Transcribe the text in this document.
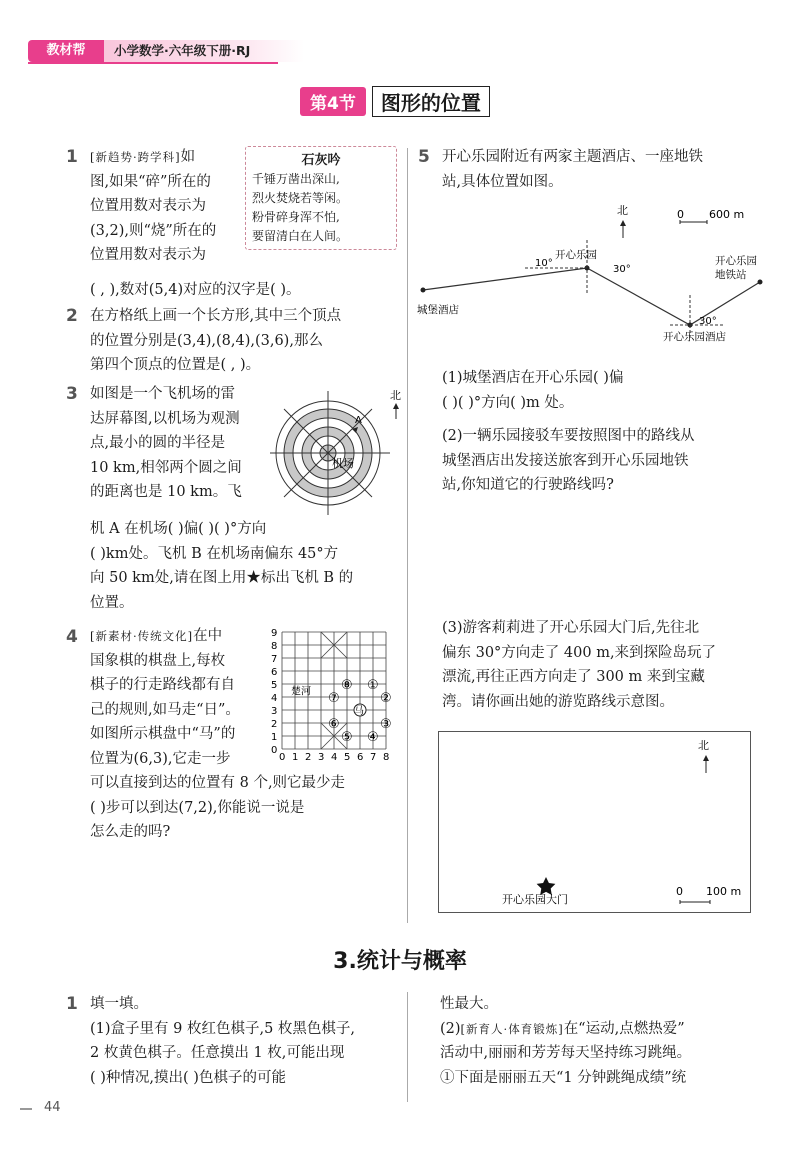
教材帮	小学数学·六年级下册·RJ
第4节	图形的位置
1 [新趋势·跨学科]如
图,如果“碎”所在的
位置用数对表示为
(3,2),则“烧”所在的
位置用数对表示为
( , ),数对(5,4)对应的汉字是( )。
石灰吟
千锤万凿出深山,
烈火焚烧若等闲。
粉骨碎身浑不怕,
要留清白在人间。
2 在方格纸上画一个长方形,其中三个顶点
的位置分别是(3,4),(8,4),(3,6),那么
第四个顶点的位置是( , )。
3 如图是一个飞机场的雷
达屏幕图,以机场为观测
点,最小的圆的半径是
10 km,相邻两个圆之间
的距离也是 10 km。飞
机 A 在机场( )偏( )( )°方向
( )km处。飞机 B 在机场南偏东 45°方
向 50 km处,请在图上用★标出飞机 B 的
位置。
A
机场
北
4 [新素材·传统文化]在中
国象棋的棋盘上,每枚
棋子的行走路线都有自
己的规则,如马走“日”。
如图所示棋盘中“马”的
位置为(6,3),它走一步
可以直接到达的位置有 8 个,则它最少走
( )步可以到达(7,2),你能说一说是
怎么走的吗?
楚河
0 1 2 3 4 5 6 7 8
0
1
2
3
4
5
6
7
8
9
马
①
②
③
④
⑤
⑥
⑦
⑧
5 开心乐园附近有两家主题酒店、一座地铁
站,具体位置如图。
北	0 600 m
开心乐园
城堡酒店
开心乐园
地铁站
开心乐园酒店
10°
30°
30°
(1)城堡酒店在开心乐园( )偏
( )( )°方向( )m 处。
(2)一辆乐园接驳车要按照图中的路线从
城堡酒店出发接送旅客到开心乐园地铁
站,你知道它的行驶路线吗?
(3)游客莉莉进了开心乐园大门后,先往北
偏东 30°方向走了 400 m,来到探险岛玩了
漂流,再往正西方向走了 300 m 来到宝藏
湾。请你画出她的游览路线示意图。
北
开心乐园大门
0 100 m
3.统计与概率
1 填一填。
(1)盒子里有 9 枚红色棋子,5 枚黑色棋子,
2 枚黄色棋子。任意摸出 1 枚,可能出现
( )种情况,摸出( )色棋子的可能
性最大。
(2)[新育人·体育锻炼]在“运动,点燃热爱”
活动中,丽丽和芳芳每天坚持练习跳绳。
①下面是丽丽五天“1 分钟跳绳成绩”统
44
